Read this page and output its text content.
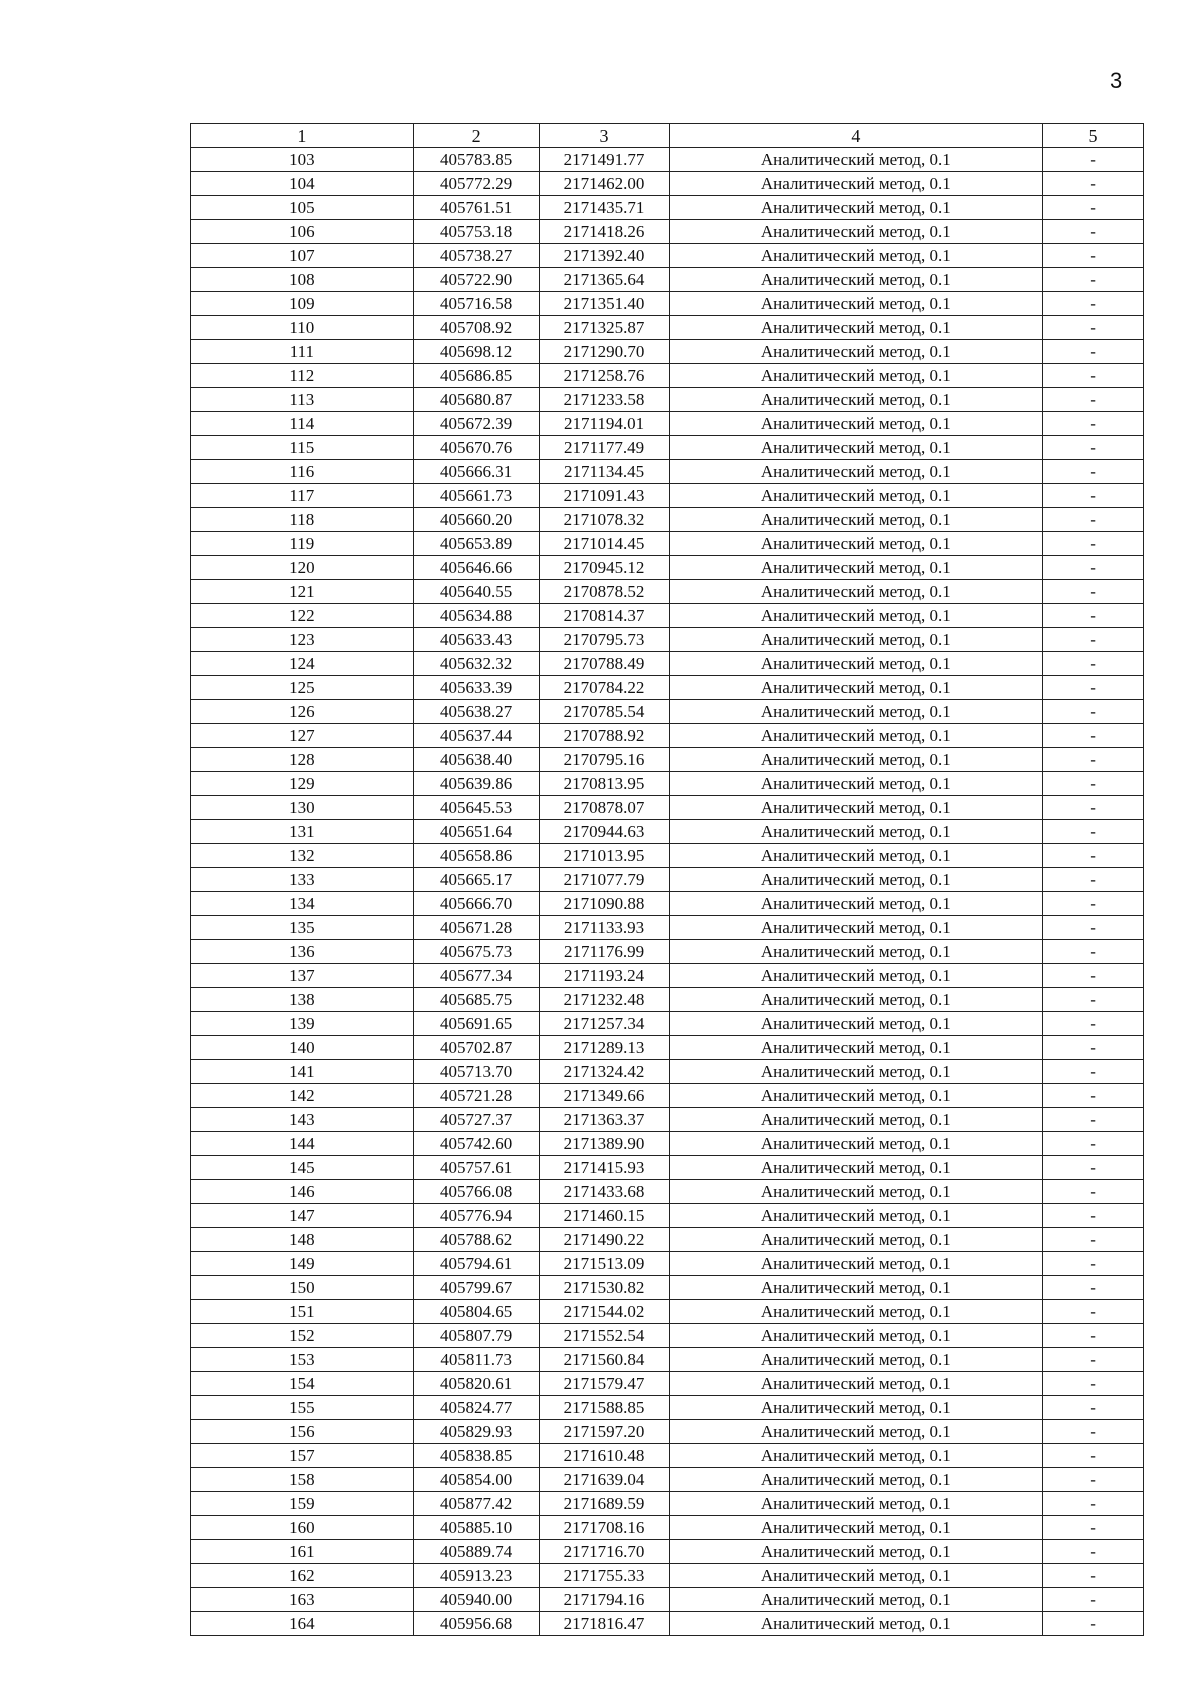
3
1	2	3	4	5
103	405783.85	2171491.77	Аналитический метод, 0.1	-
104	405772.29	2171462.00	Аналитический метод, 0.1	-
105	405761.51	2171435.71	Аналитический метод, 0.1	-
106	405753.18	2171418.26	Аналитический метод, 0.1	-
107	405738.27	2171392.40	Аналитический метод, 0.1	-
108	405722.90	2171365.64	Аналитический метод, 0.1	-
109	405716.58	2171351.40	Аналитический метод, 0.1	-
110	405708.92	2171325.87	Аналитический метод, 0.1	-
111	405698.12	2171290.70	Аналитический метод, 0.1	-
112	405686.85	2171258.76	Аналитический метод, 0.1	-
113	405680.87	2171233.58	Аналитический метод, 0.1	-
114	405672.39	2171194.01	Аналитический метод, 0.1	-
115	405670.76	2171177.49	Аналитический метод, 0.1	-
116	405666.31	2171134.45	Аналитический метод, 0.1	-
117	405661.73	2171091.43	Аналитический метод, 0.1	-
118	405660.20	2171078.32	Аналитический метод, 0.1	-
119	405653.89	2171014.45	Аналитический метод, 0.1	-
120	405646.66	2170945.12	Аналитический метод, 0.1	-
121	405640.55	2170878.52	Аналитический метод, 0.1	-
122	405634.88	2170814.37	Аналитический метод, 0.1	-
123	405633.43	2170795.73	Аналитический метод, 0.1	-
124	405632.32	2170788.49	Аналитический метод, 0.1	-
125	405633.39	2170784.22	Аналитический метод, 0.1	-
126	405638.27	2170785.54	Аналитический метод, 0.1	-
127	405637.44	2170788.92	Аналитический метод, 0.1	-
128	405638.40	2170795.16	Аналитический метод, 0.1	-
129	405639.86	2170813.95	Аналитический метод, 0.1	-
130	405645.53	2170878.07	Аналитический метод, 0.1	-
131	405651.64	2170944.63	Аналитический метод, 0.1	-
132	405658.86	2171013.95	Аналитический метод, 0.1	-
133	405665.17	2171077.79	Аналитический метод, 0.1	-
134	405666.70	2171090.88	Аналитический метод, 0.1	-
135	405671.28	2171133.93	Аналитический метод, 0.1	-
136	405675.73	2171176.99	Аналитический метод, 0.1	-
137	405677.34	2171193.24	Аналитический метод, 0.1	-
138	405685.75	2171232.48	Аналитический метод, 0.1	-
139	405691.65	2171257.34	Аналитический метод, 0.1	-
140	405702.87	2171289.13	Аналитический метод, 0.1	-
141	405713.70	2171324.42	Аналитический метод, 0.1	-
142	405721.28	2171349.66	Аналитический метод, 0.1	-
143	405727.37	2171363.37	Аналитический метод, 0.1	-
144	405742.60	2171389.90	Аналитический метод, 0.1	-
145	405757.61	2171415.93	Аналитический метод, 0.1	-
146	405766.08	2171433.68	Аналитический метод, 0.1	-
147	405776.94	2171460.15	Аналитический метод, 0.1	-
148	405788.62	2171490.22	Аналитический метод, 0.1	-
149	405794.61	2171513.09	Аналитический метод, 0.1	-
150	405799.67	2171530.82	Аналитический метод, 0.1	-
151	405804.65	2171544.02	Аналитический метод, 0.1	-
152	405807.79	2171552.54	Аналитический метод, 0.1	-
153	405811.73	2171560.84	Аналитический метод, 0.1	-
154	405820.61	2171579.47	Аналитический метод, 0.1	-
155	405824.77	2171588.85	Аналитический метод, 0.1	-
156	405829.93	2171597.20	Аналитический метод, 0.1	-
157	405838.85	2171610.48	Аналитический метод, 0.1	-
158	405854.00	2171639.04	Аналитический метод, 0.1	-
159	405877.42	2171689.59	Аналитический метод, 0.1	-
160	405885.10	2171708.16	Аналитический метод, 0.1	-
161	405889.74	2171716.70	Аналитический метод, 0.1	-
162	405913.23	2171755.33	Аналитический метод, 0.1	-
163	405940.00	2171794.16	Аналитический метод, 0.1	-
164	405956.68	2171816.47	Аналитический метод, 0.1	-
